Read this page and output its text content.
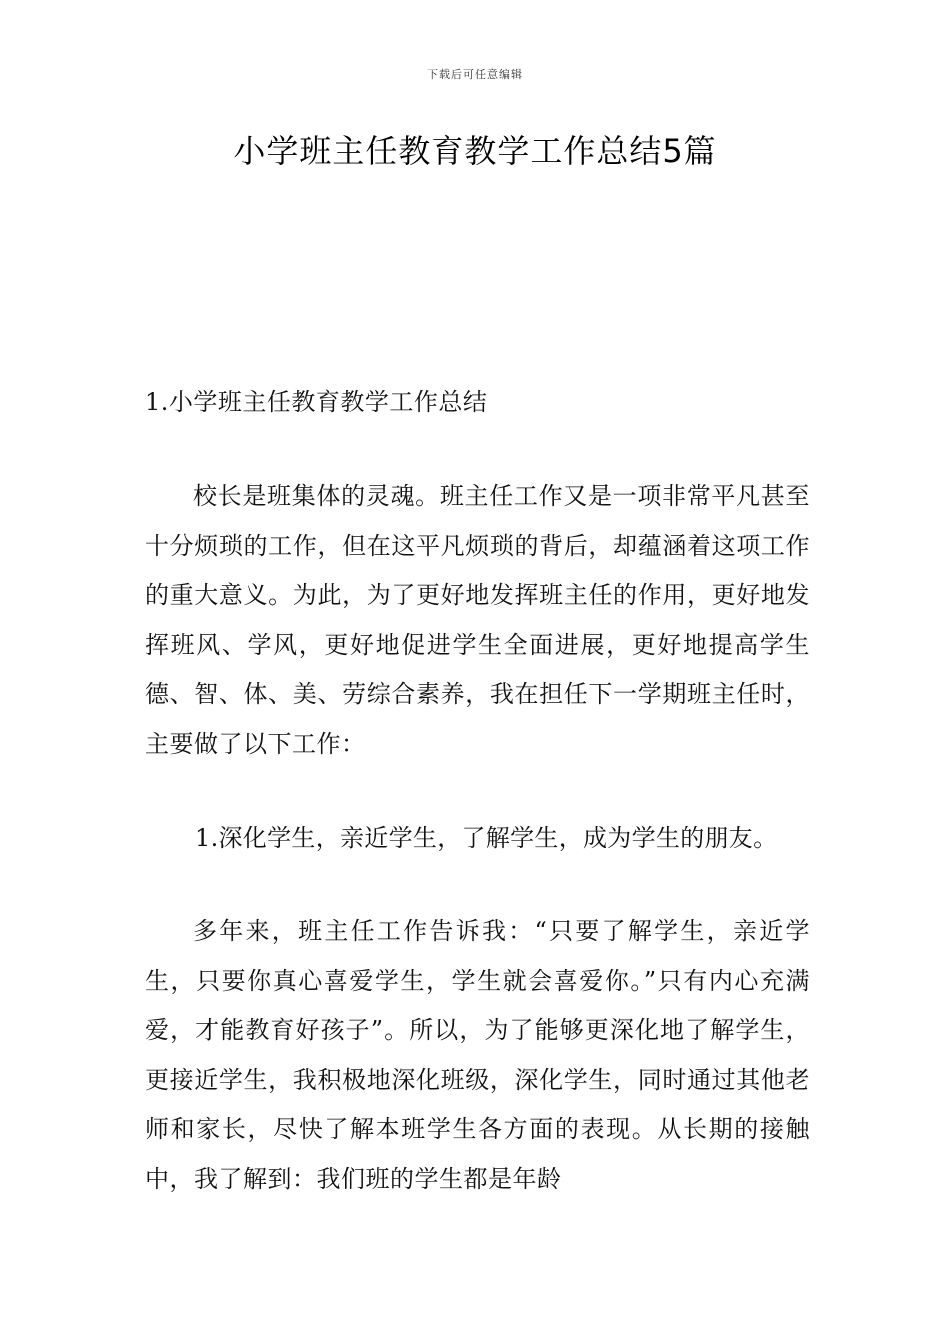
下载后可任意编辑
小学班主任教育教学工作总结5篇

1.小学班主任教育教学工作总结

校长是班集体的灵魂。班主任工作又是一项非常平凡甚至十分烦琐的工作，但在这平凡烦琐的背后，却蕴涵着这项工作的重大意义。为此，为了更好地发挥班主任的作用，更好地发挥班风、学风，更好地促进学生全面进展，更好地提高学生德、智、体、美、劳综合素养，我在担任下一学期班主任时，主要做了以下工作：

1.深化学生，亲近学生，了解学生，成为学生的朋友。

多年来，班主任工作告诉我：“只要了解学生，亲近学生，只要你真心喜爱学生，学生就会喜爱你。”只有内心充满爱，才能教育好孩子”。所以，为了能够更深化地了解学生，更接近学生，我积极地深化班级，深化学生，同时通过其他老师和家长，尽快了解本班学生各方面的表现。从长期的接触中，我了解到：我们班的学生都是年龄
